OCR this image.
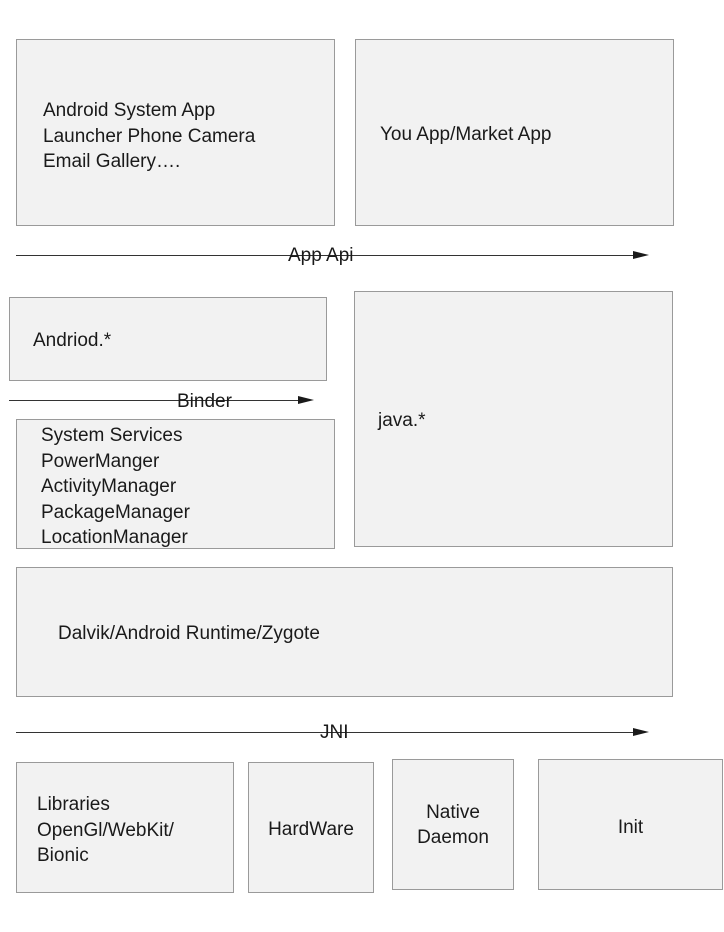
Android System App
Launcher Phone Camera
Email Gallery….
You App/Market App
App Api
Andriod.*
Binder
System Services
PowerManger
ActivityManager
PackageManager
LocationManager
java.*
Dalvik/Android Runtime/Zygote
JNI
Libraries
OpenGl/WebKit/
Bionic
HardWare
Native
Daemon	Init
